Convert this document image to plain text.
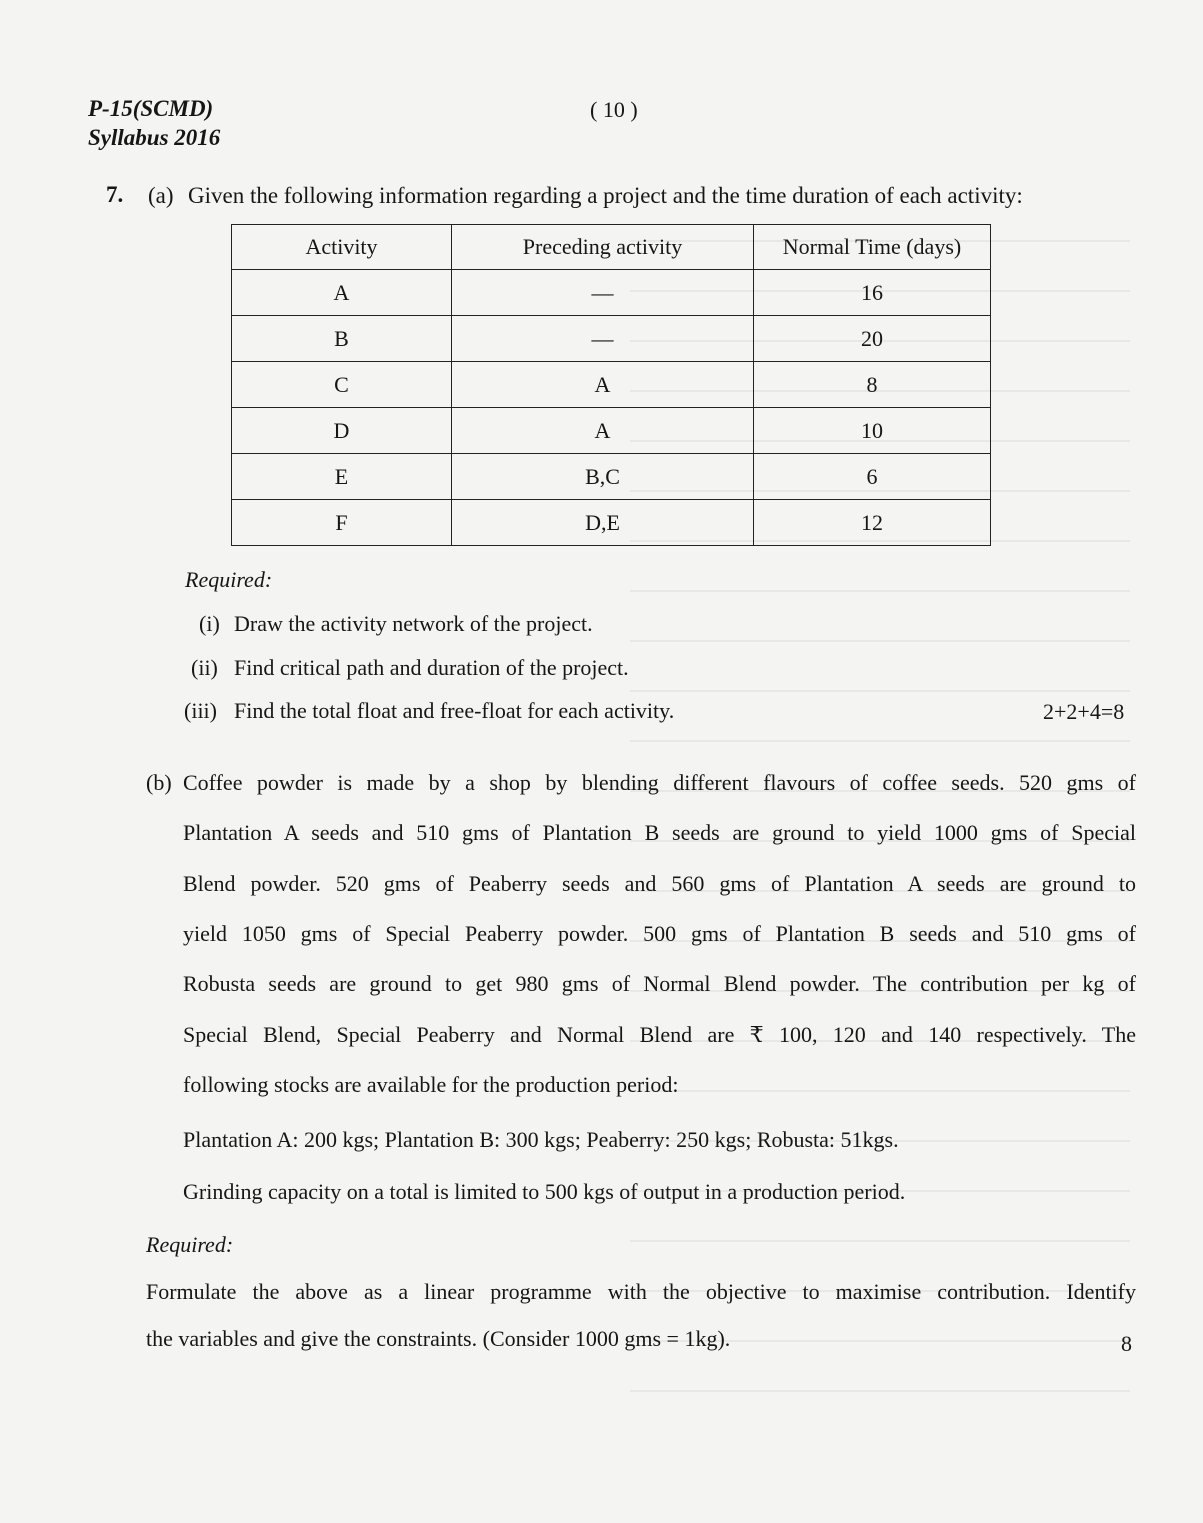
P-15(SCMD)
Syllabus 2016
( 10 )
7. (a) Given the following information regarding a project and the time duration of each activity:
Activity	Preceding activity	Normal Time (days)
A	—	16
B	—	20
C	A	8
D	A	10
E	B,C	6
F	D,E	12
Required:
(i) Draw the activity network of the project.
(ii) Find critical path and duration of the project.
(iii) Find the total float and free-float for each activity.	2+2+4=8
(b) Coffee powder is made by a shop by blending different flavours of coffee seeds. 520 gms of
Plantation A seeds and 510 gms of Plantation B seeds are ground to yield 1000 gms of Special
Blend powder. 520 gms of Peaberry seeds and 560 gms of Plantation A seeds are ground to
yield 1050 gms of Special Peaberry powder. 500 gms of Plantation B seeds and 510 gms of
Robusta seeds are ground to get 980 gms of Normal Blend powder. The contribution per kg of
Special Blend, Special Peaberry and Normal Blend are ₹ 100, 120 and 140 respectively. The
following stocks are available for the production period:
Plantation A: 200 kgs; Plantation B: 300 kgs; Peaberry: 250 kgs; Robusta: 51kgs.
Grinding capacity on a total is limited to 500 kgs of output in a production period.
Required:
Formulate the above as a linear programme with the objective to maximise contribution. Identify
the variables and give the constraints. (Consider 1000 gms = 1kg).	8
